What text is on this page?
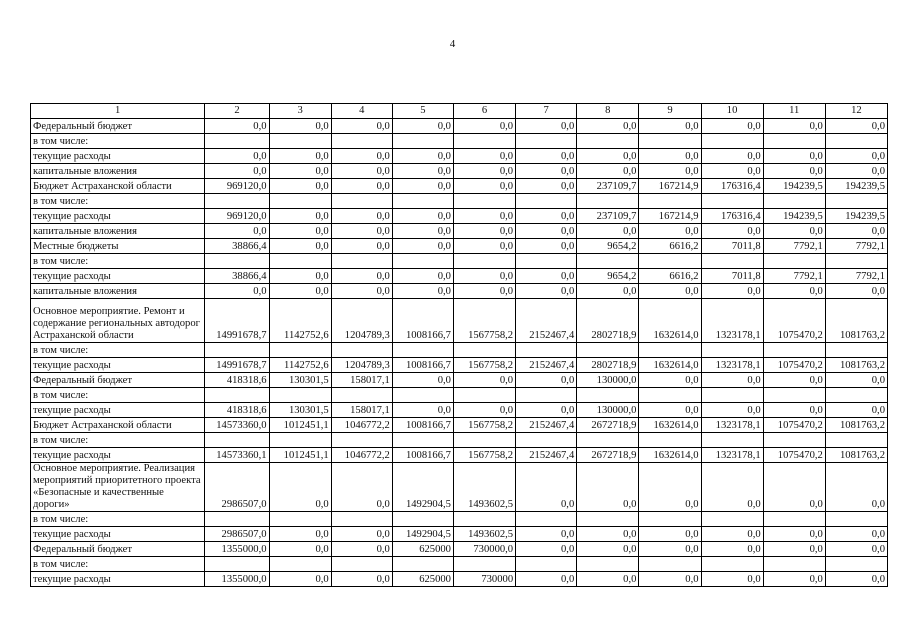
4
1	2	3	4	5	6	7	8	9	10	11	12
Федеральный бюджет	0,0	0,0	0,0	0,0	0,0	0,0	0,0	0,0	0,0	0,0	0,0
в том числе:											
текущие расходы	0,0	0,0	0,0	0,0	0,0	0,0	0,0	0,0	0,0	0,0	0,0
капитальные вложения	0,0	0,0	0,0	0,0	0,0	0,0	0,0	0,0	0,0	0,0	0,0
Бюджет Астраханской области	969120,0	0,0	0,0	0,0	0,0	0,0	237109,7	167214,9	176316,4	194239,5	194239,5
в том числе:											
текущие расходы	969120,0	0,0	0,0	0,0	0,0	0,0	237109,7	167214,9	176316,4	194239,5	194239,5
капитальные вложения	0,0	0,0	0,0	0,0	0,0	0,0	0,0	0,0	0,0	0,0	0,0
Местные бюджеты	38866,4	0,0	0,0	0,0	0,0	0,0	9654,2	6616,2	7011,8	7792,1	7792,1
в том числе:											
текущие расходы	38866,4	0,0	0,0	0,0	0,0	0,0	9654,2	6616,2	7011,8	7792,1	7792,1
капитальные вложения	0,0	0,0	0,0	0,0	0,0	0,0	0,0	0,0	0,0	0,0	0,0
Основное мероприятие. Ремонт и содержание региональных автодорог Астраханской области	14991678,7	1142752,6	1204789,3	1008166,7	1567758,2	2152467,4	2802718,9	1632614,0	1323178,1	1075470,2	1081763,2
в том числе:											
текущие расходы	14991678,7	1142752,6	1204789,3	1008166,7	1567758,2	2152467,4	2802718,9	1632614,0	1323178,1	1075470,2	1081763,2
Федеральный бюджет	418318,6	130301,5	158017,1	0,0	0,0	0,0	130000,0	0,0	0,0	0,0	0,0
в том числе:											
текущие расходы	418318,6	130301,5	158017,1	0,0	0,0	0,0	130000,0	0,0	0,0	0,0	0,0
Бюджет Астраханской области	14573360,0	1012451,1	1046772,2	1008166,7	1567758,2	2152467,4	2672718,9	1632614,0	1323178,1	1075470,2	1081763,2
в том числе:											
текущие расходы	14573360,1	1012451,1	1046772,2	1008166,7	1567758,2	2152467,4	2672718,9	1632614,0	1323178,1	1075470,2	1081763,2
Основное мероприятие. Реализация мероприятий приоритетного проекта «Безопасные и качественные дороги»	2986507,0	0,0	0,0	1492904,5	1493602,5	0,0	0,0	0,0	0,0	0,0	0,0
в том числе:											
текущие расходы	2986507,0	0,0	0,0	1492904,5	1493602,5	0,0	0,0	0,0	0,0	0,0	0,0
Федеральный бюджет	1355000,0	0,0	0,0	625000	730000,0	0,0	0,0	0,0	0,0	0,0	0,0
в том числе:											
текущие расходы	1355000,0	0,0	0,0	625000	730000	0,0	0,0	0,0	0,0	0,0	0,0
